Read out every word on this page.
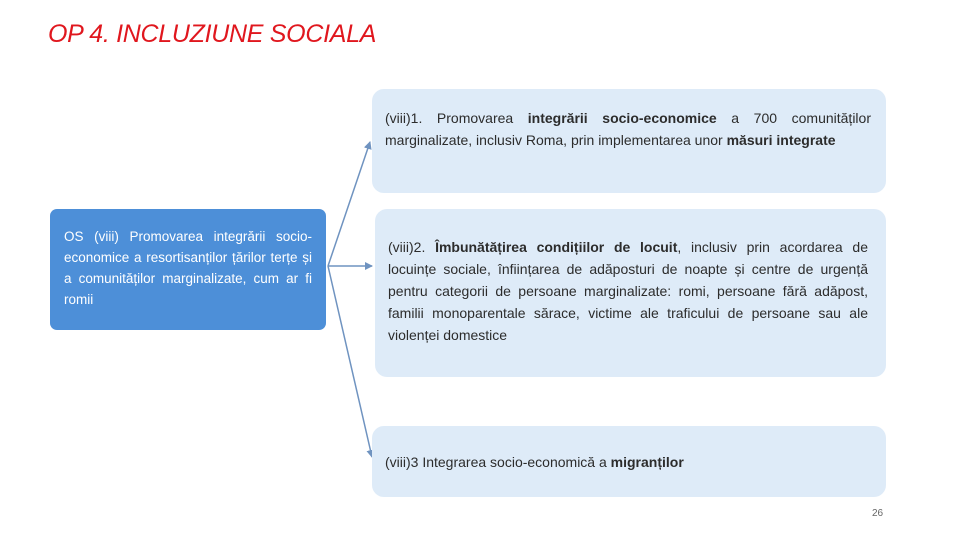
OP 4. INCLUZIUNE SOCIALA
OS (viii) Promovarea integrării socio-economice a resortisanților țărilor terțe și a comunităților marginalizate, cum ar fi romii
(viii)1. Promovarea integrării socio-economice a 700 comunităților marginalizate, inclusiv Roma, prin implementarea unor măsuri integrate
(viii)2. Îmbunătățirea condițiilor de locuit, inclusiv prin acordarea de locuințe sociale, înființarea de adăposturi de noapte și centre de urgență pentru categorii de persoane marginalizate: romi, persoane fără adăpost, familii monoparentale sărace, victime ale traficului de persoane sau ale violenței domestice
(viii)3 Integrarea socio-economică a migranților
26
